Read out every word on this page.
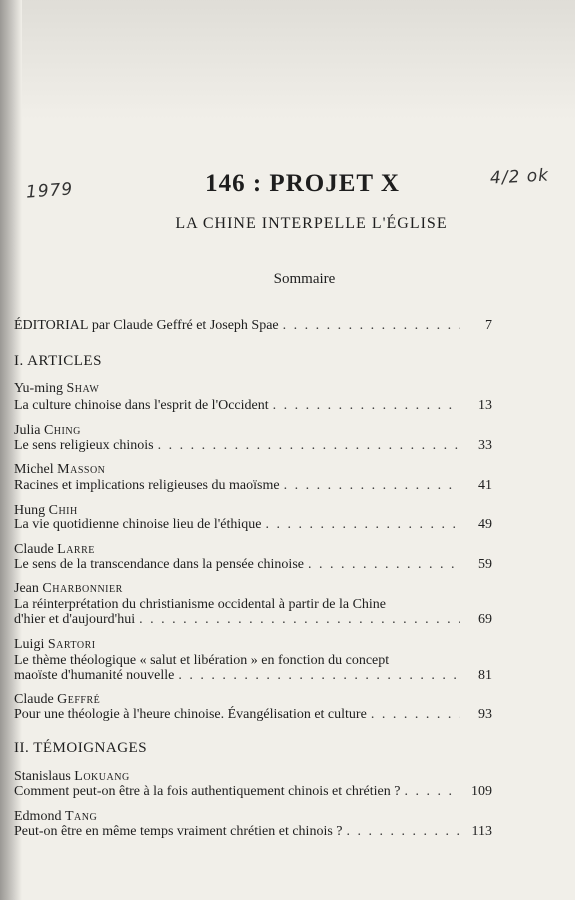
1979
4/2 ok
146 : PROJET X
LA CHINE INTERPELLE L'ÉGLISE
Sommaire
ÉDITORIAL par Claude Geffré et Joseph Spae . . .	7
I. ARTICLES
Yu-ming Shaw
La culture chinoise dans l'esprit de l'Occident . . .	13
Julia Ching
Le sens religieux chinois . . .	33
Michel Masson
Racines et implications religieuses du maoïsme . . .	41
Hung Chih
La vie quotidienne chinoise lieu de l'éthique . . .	49
Claude Larre
Le sens de la transcendance dans la pensée chinoise . . .	59
Jean Charbonnier
La réinterprétation du christianisme occidental à partir de la Chine
d'hier et d'aujourd'hui . . .	69
Luigi Sartori
Le thème théologique « salut et libération » en fonction du concept
maoïste d'humanité nouvelle . . .	81
Claude Geffré
Pour une théologie à l'heure chinoise. Évangélisation et culture . . .	93
II. TÉMOIGNAGES
Stanislaus Lokuang
Comment peut-on être à la fois authentiquement chinois et chrétien ? . . .	109
Edmond Tang
Peut-on être en même temps vraiment chrétien et chinois ? . . .	113
